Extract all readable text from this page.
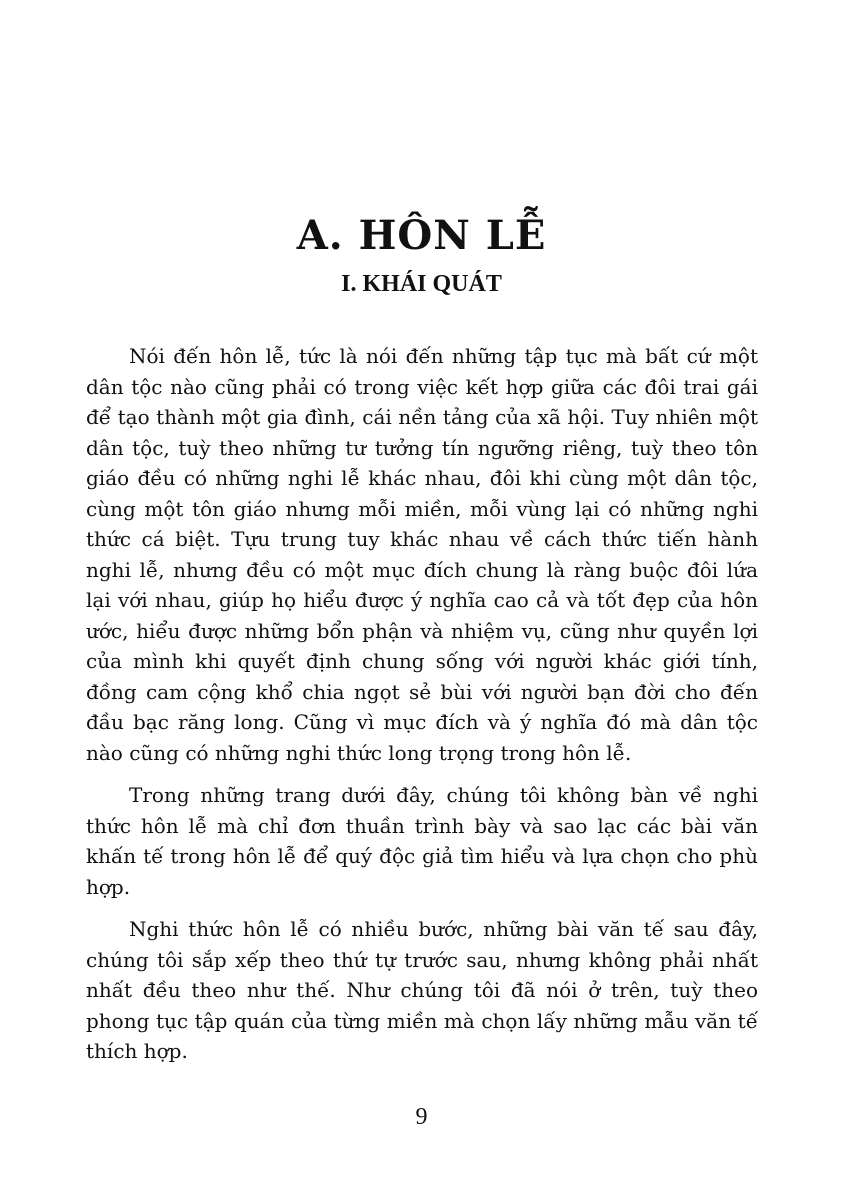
A. HÔN LỄ
I. KHÁI QUÁT

Nói đến hôn lễ, tức là nói đến những tập tục mà bất cứ một dân tộc nào cũng phải có trong việc kết hợp giữa các đôi trai gái để tạo thành một gia đình, cái nền tảng của xã hội. Tuy nhiên một dân tộc, tuỳ theo những tư tưởng tín ngưỡng riêng, tuỳ theo tôn giáo đều có những nghi lễ khác nhau, đôi khi cùng một dân tộc, cùng một tôn giáo nhưng mỗi miền, mỗi vùng lại có những nghi thức cá biệt. Tựu trung tuy khác nhau về cách thức tiến hành nghi lễ, nhưng đều có một mục đích chung là ràng buộc đôi lứa lại với nhau, giúp họ hiểu được ý nghĩa cao cả và tốt đẹp của hôn ước, hiểu được những bổn phận và nhiệm vụ, cũng như quyền lợi của mình khi quyết định chung sống với người khác giới tính, đồng cam cộng khổ chia ngọt sẻ bùi với người bạn đời cho đến đầu bạc răng long. Cũng vì mục đích và ý nghĩa đó mà dân tộc nào cũng có những nghi thức long trọng trong hôn lễ.

Trong những trang dưới đây, chúng tôi không bàn về nghi thức hôn lễ mà chỉ đơn thuần trình bày và sao lạc các bài văn khấn tế trong hôn lễ để quý độc giả tìm hiểu và lựa chọn cho phù hợp.

Nghi thức hôn lễ có nhiều bước, những bài văn tế sau đây, chúng tôi sắp xếp theo thứ tự trước sau, nhưng không phải nhất nhất đều theo như thế. Như chúng tôi đã nói ở trên, tuỳ theo phong tục tập quán của từng miền mà chọn lấy những mẫu văn tế thích hợp.

9
